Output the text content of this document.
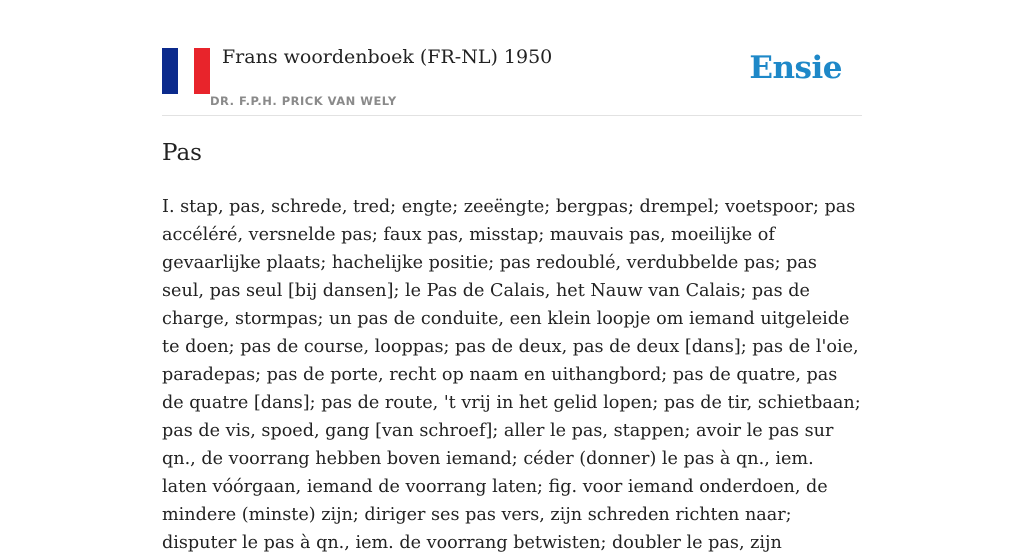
Frans woordenboek (FR-NL) 1950
DR. F.P.H. PRICK VAN WELY
Ensie
Pas

I. stap, pas, schrede, tred; engte; zeeëngte; bergpas; drempel; voetspoor; pas accéléré, versnelde pas; faux pas, misstap; mauvais pas, moeilijke of gevaarlijke plaats; hachelijke positie; pas redoublé, verdubbelde pas; pas seul, pas seul [bij dansen]; le Pas de Calais, het Nauw van Calais; pas de charge, stormpas; un pas de conduite, een klein loopje om iemand uitgeleide te doen; pas de course, looppas; pas de deux, pas de deux [dans]; pas de l'oie, paradepas; pas de porte, recht op naam en uithangbord; pas de quatre, pas de quatre [dans]; pas de route, 't vrij in het gelid lopen; pas de tir, schietbaan; pas de vis, spoed, gang [van schroef]; aller le pas, stappen; avoir le pas sur qn., de voorrang hebben boven iemand; céder (donner) le pas à qn., iem. laten vóórgaan, iemand de voorrang laten; fig. voor iemand onderdoen, de mindere (minste) zijn; diriger ses pas vers, zijn schreden richten naar; disputer le pas à qn., iem. de voorrang betwisten; doubler le pas, zijn
